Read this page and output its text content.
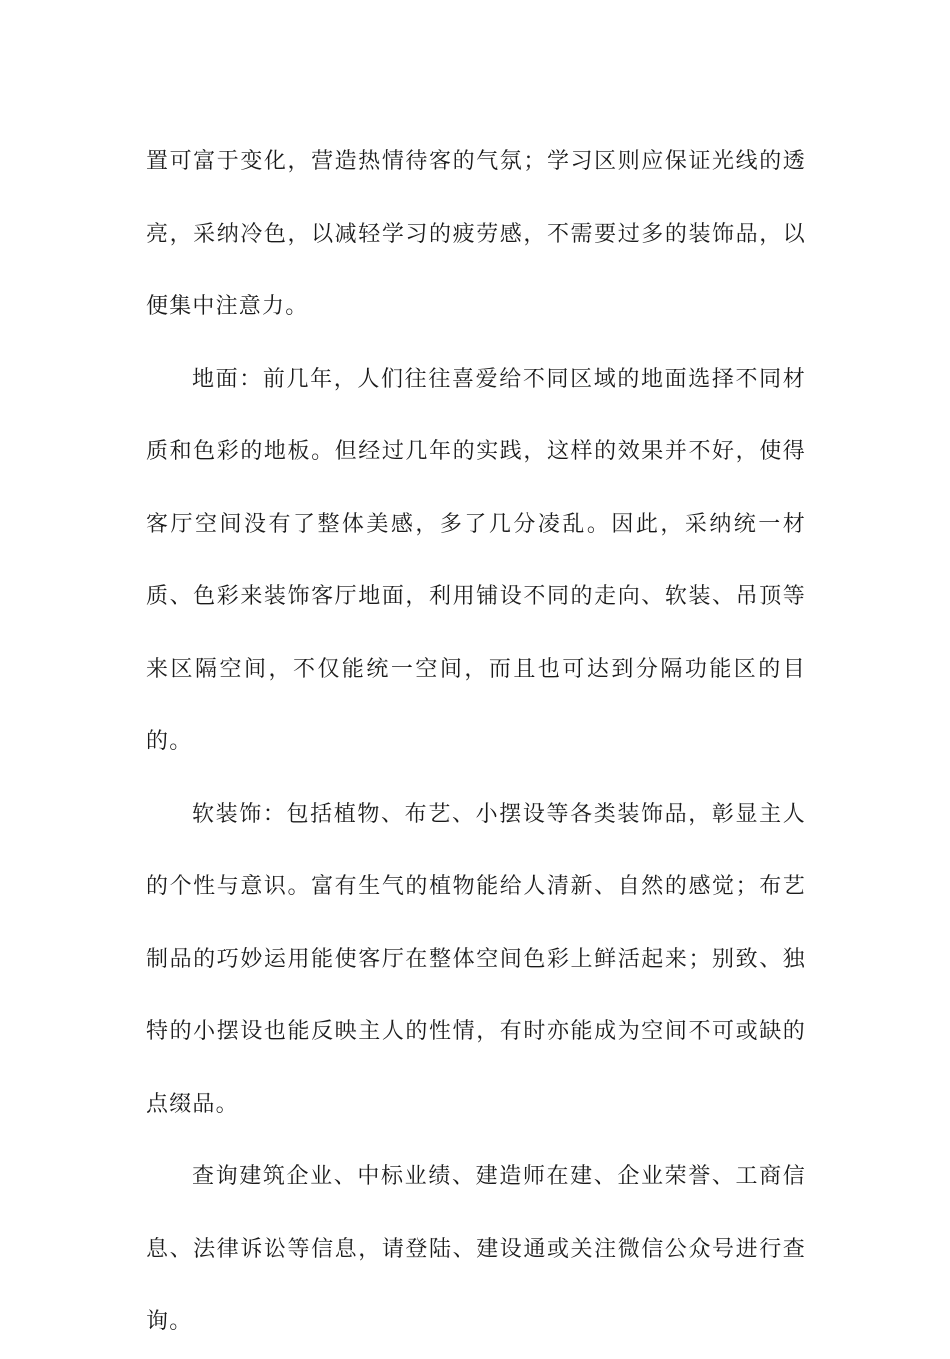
置可富于变化，营造热情待客的气氛；学习区则应保证光线的透亮，采纳冷色，以减轻学习的疲劳感，不需要过多的装饰品，以便集中注意力。

地面：前几年，人们往往喜爱给不同区域的地面选择不同材质和色彩的地板。但经过几年的实践，这样的效果并不好，使得客厅空间没有了整体美感，多了几分凌乱。因此，采纳统一材质、色彩来装饰客厅地面，利用铺设不同的走向、软装、吊顶等来区隔空间，不仅能统一空间，而且也可达到分隔功能区的目的。

软装饰：包括植物、布艺、小摆设等各类装饰品，彰显主人的个性与意识。富有生气的植物能给人清新、自然的感觉；布艺制品的巧妙运用能使客厅在整体空间色彩上鲜活起来；别致、独特的小摆设也能反映主人的性情，有时亦能成为空间不可或缺的点缀品。

查询建筑企业、中标业绩、建造师在建、企业荣誉、工商信息、法律诉讼等信息，请登陆、建设通或关注微信公众号进行查询。
